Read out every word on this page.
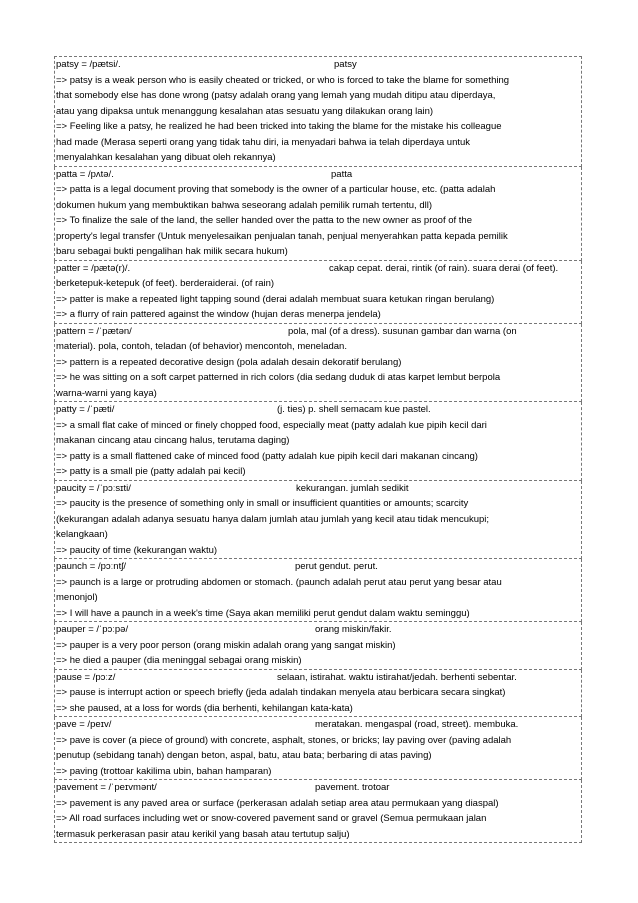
patsy = /pætsi/.	patsy
=> patsy is a weak person who is easily cheated or tricked, or who is forced to take the blame for something
that somebody else has done wrong (patsy adalah orang yang lemah yang mudah ditipu atau diperdaya,
atau yang dipaksa untuk menanggung kesalahan atas sesuatu yang dilakukan orang lain)
=> Feeling like a patsy, he realized he had been tricked into taking the blame for the mistake his colleague
had made (Merasa seperti orang yang tidak tahu diri, ia menyadari bahwa ia telah diperdaya untuk
menyalahkan kesalahan yang dibuat oleh rekannya)
patta = /pʌtə/.	patta
=> patta is a legal document proving that somebody is the owner of a particular house, etc. (patta adalah
dokumen hukum yang membuktikan bahwa seseorang adalah pemilik rumah tertentu, dll)
=> To finalize the sale of the land, the seller handed over the patta to the new owner as proof of the
property's legal transfer (Untuk menyelesaikan penjualan tanah, penjual menyerahkan patta kepada pemilik
baru sebagai bukti pengalihan hak milik secara hukum)
patter = /pætə(r)/.	cakap cepat. derai, rintik (of rain). suara derai (of feet).
berketepuk-ketepuk (of feet). berderaiderai. (of rain)
=> patter is make a repeated light tapping sound (derai adalah membuat suara ketukan ringan berulang)
=> a flurry of rain pattered against the window (hujan deras menerpa jendela)
pattern = /ˈpætən/	pola, mal (of a dress). susunan gambar dan warna (on
material). pola, contoh, teladan (of behavior) mencontoh, meneladan.
=> pattern is a repeated decorative design (pola adalah desain dekoratif berulang)
=> he was sitting on a soft carpet patterned in rich colors (dia sedang duduk di atas karpet lembut berpola
warna-warni yang kaya)
patty = /ˈpæti/	(j. ties) p. shell semacam kue pastel.
=> a small flat cake of minced or finely chopped food, especially meat (patty adalah kue pipih kecil dari
makanan cincang atau cincang halus, terutama daging)
=> patty is a small flattened cake of minced food (patty adalah kue pipih kecil dari makanan cincang)
=> patty is a small pie (patty adalah pai kecil)
paucity = /ˈpɔːsɪti/	kekurangan. jumlah sedikit
=> paucity is the presence of something only in small or insufficient quantities or amounts; scarcity
(kekurangan adalah adanya sesuatu hanya dalam jumlah atau jumlah yang kecil atau tidak mencukupi;
kelangkaan)
=> paucity of time (kekurangan waktu)
paunch = /pɔːntʃ/	perut gendut. perut.
=> paunch is a large or protruding abdomen or stomach. (paunch adalah perut atau perut yang besar atau
menonjol)
=> I will have a paunch in a week's time (Saya akan memiliki perut gendut dalam waktu seminggu)
pauper = /ˈpɔːpə/	orang miskin/fakir.
=> pauper is a very poor person (orang miskin adalah orang yang sangat miskin)
=> he died a pauper (dia meninggal sebagai orang miskin)
pause = /pɔːz/	selaan, istirahat. waktu istirahat/jedah. berhenti sebentar.
=> pause is interrupt action or speech briefly (jeda adalah tindakan menyela atau berbicara secara singkat)
=> she paused, at a loss for words (dia berhenti, kehilangan kata-kata)
pave = /peɪv/	meratakan. mengaspal (road, street). membuka.
=> pave is cover (a piece of ground) with concrete, asphalt, stones, or bricks; lay paving over (paving adalah
penutup (sebidang tanah) dengan beton, aspal, batu, atau bata; berbaring di atas paving)
=> paving (trottoar kakilima ubin, bahan hamparan)
pavement = /ˈpeɪvmənt/	pavement. trotoar
=> pavement is any paved area or surface (perkerasan adalah setiap area atau permukaan yang diaspal)
=> All road surfaces including wet or snow-covered pavement sand or gravel (Semua permukaan jalan
termasuk perkerasan pasir atau kerikil yang basah atau tertutup salju)
